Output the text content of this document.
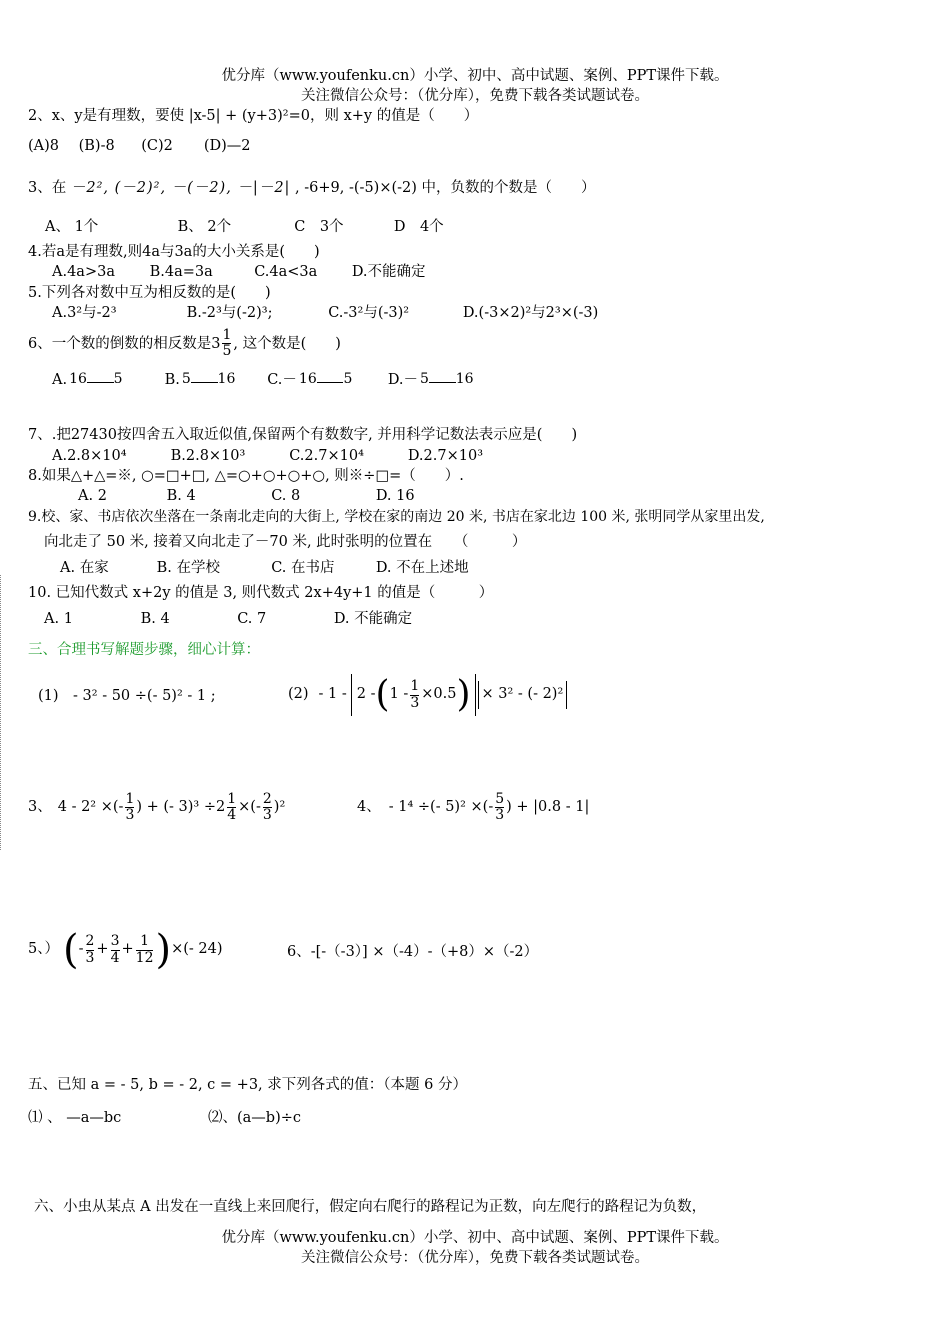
优分库（www.youfenku.cn）小学、初中、高中试题、案例、PPT课件下载。
关注微信公众号：（优分库），免费下载各类试题试卷。
2、x、y是有理数，要使 |x-5| + (y+3)²=0，则 x+y 的值是（　　）
(A)8 (B)-8 (C)2 (D)—2
3、在 －2², (－2)², －(－2), －|－2| , -6+9, -(-5)×(-2) 中，负数的个数是（　　）
A、 1个	B、 2个	C　3个	D　4个
4.若a是有理数,则4a与3a的大小关系是(　　)
A.4a>3a B.4a=3a	C.4a<3a D.不能确定
5.下列各对数中互为相反数的是(　　)
A.3²与-2³	B.-2³与(-2)³;	C.-3²与(-3)²	D.(-3×2)²与2³×(-3)
6、一个数的倒数的相反数是$3 \frac{1}{5}$ , 这个数是(　　)
A. 16 5	B. 5 16 C.－ 16 5 D.－ 5 16
7、.把27430按四舍五入取近似值,保留两个有数数字, 并用科学记数法表示应是(　　)
A.2.8×10⁴	B.2.8×10³	C.2.7×10⁴	D.2.7×10³
8.如果△+△=※, ○=□+□, △=○+○+○+○, 则※÷□=（　　）.
A. 2	B. 4	C. 8	D. 16
9.校、家、书店依次坐落在一条南北走向的大街上, 学校在家的南边 20 米, 书店在家北边 100 米, 张明同学从家里出发,
向北走了 50 米, 接着又向北走了－70 米, 此时张明的位置在　　（　　　）
A. 在家	B. 在学校	C. 在书店	D. 不在上述地
10. 已知代数式 x+2y 的值是 3, 则代数式 2x+4y+1 的值是（　　　）
A. 1	B. 4	C. 7	D. 不能确定
三、合理书写解题步骤，细心计算：
(1)　- 3² - 50 ÷(- 5)² - 1 ;	(2) - 1 - 2 - ( $1 - \frac{1}{3} \times 0.5$ ) × 3² - (- 2)²
3、 4 - 2² ×(- $\frac{1}{3}$ ) + (- $3)^3 \div 2 \frac{1}{4}$ ×(- $\frac{2}{3} )^2$	4、 - 1⁴ ÷(- 5)² ×(- $\frac{5}{3}$ ) + |0.8 - 1|
5、） ( - $\frac{2}{3} + \frac{3}{4} + \frac{1}{12}$ ) ×(- 24)	6、-[-（-3）] ×（-4）-（+8）×（-2）
五、已知 a = - 5, b = - 2, c = +3, 求下列各式的值：（本题 6 分）
⑴ 、 —a—bc	⑵、(a—b)÷c
六、小虫从某点 A 出发在一直线上来回爬行，假定向右爬行的路程记为正数，向左爬行的路程记为负数，
优分库（www.youfenku.cn）小学、初中、高中试题、案例、PPT课件下载。
关注微信公众号：（优分库），免费下载各类试题试卷。
